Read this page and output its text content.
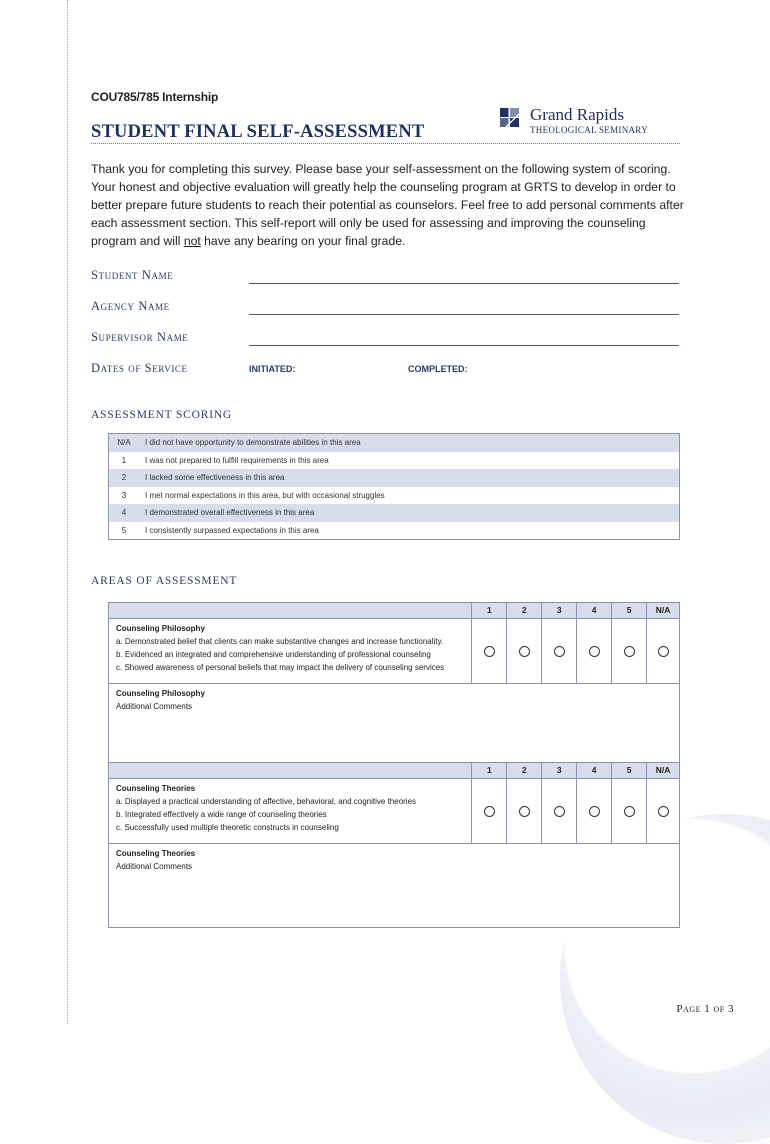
COU785/785 Internship
STUDENT FINAL SELF-ASSESSMENT
Grand Rapids
THEOLOGICAL SEMINARY
Thank you for completing this survey. Please base your self-assessment on the following system of scoring. Your honest and objective evaluation will greatly help the counseling program at GRTS to develop in order to better prepare future students to reach their potential as counselors. Feel free to add personal comments after each assessment section. This self-report will only be used for assessing and improving the counseling program and will not have any bearing on your final grade.
Student Name
Agency Name
Supervisor Name
Dates of Service	INITIATED:	COMPLETED:
ASSESSMENT SCORING
N/A	I did not have opportunity to demonstrate abilities in this area
1	I was not prepared to fulfill requirements in this area
2	I lacked some effectiveness in this area
3	I met normal expectations in this area, but with occasional struggles
4	I demonstrated overall effectiveness in this area
5	I consistently surpassed expectations in this area
AREAS OF ASSESSMENT
1	2	3	4	5	N/A
Counseling Philosophy
a. Demonstrated belief that clients can make substantive changes and increase functionality.
b. Evidenced an integrated and comprehensive understanding of professional counseling
c. Showed awareness of personal beliefs that may impact the delivery of counseling services
Counseling Philosophy
Additional Comments
1	2	3	4	5	N/A
Counseling Theories
a. Displayed a practical understanding of affective, behavioral, and cognitive theories
b. Integrated effectively a wide range of counseling theories
c. Successfully used multiple theoretic constructs in counseling
Counseling Theories
Additional Comments
Page 1 of 3
